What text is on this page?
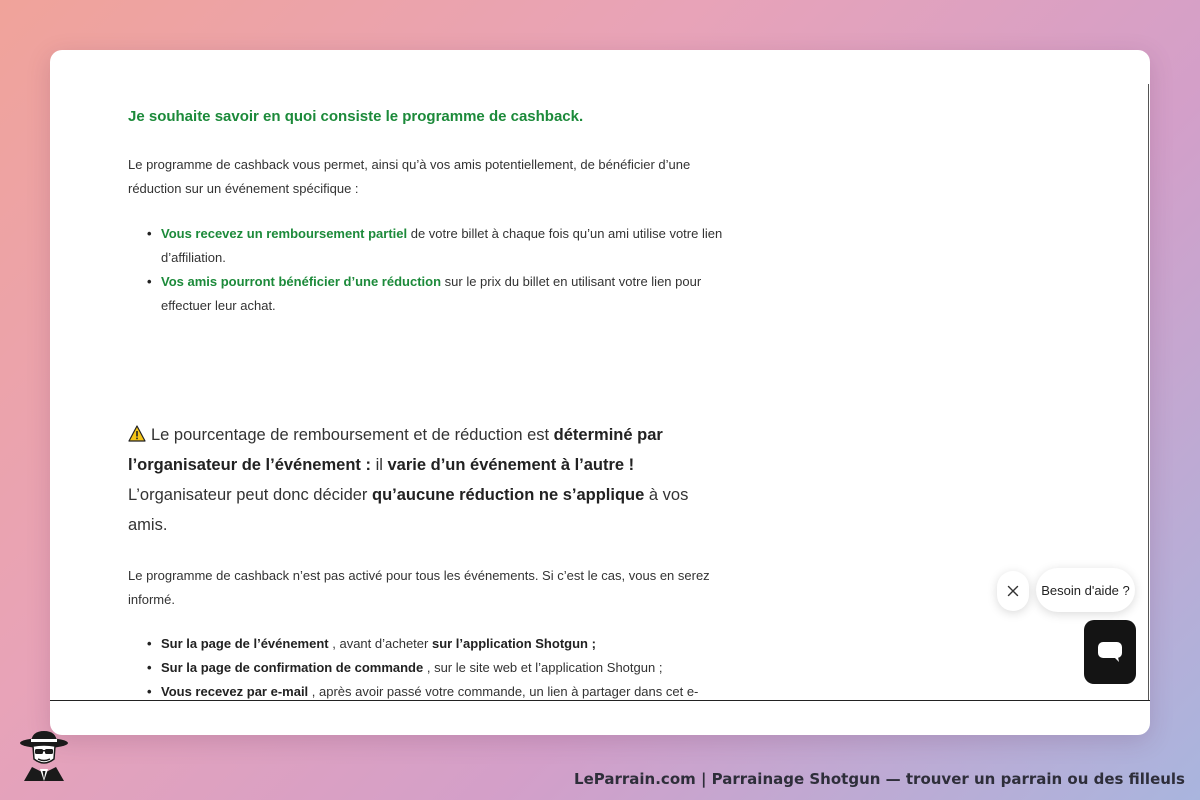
Je souhaite savoir en quoi consiste le programme de cashback.
Le programme de cashback vous permet, ainsi qu’à vos amis potentiellement, de bénéficier d’une réduction sur un événement spécifique :
• Vous recevez un remboursement partiel de votre billet à chaque fois qu’un ami utilise votre lien d’affiliation.
• Vos amis pourront bénéficier d’une réduction sur le prix du billet en utilisant votre lien pour effectuer leur achat.
Le pourcentage de remboursement et de réduction est déterminé par l’organisateur de l’événement : il varie d’un événement à l’autre ! L’organisateur peut donc décider qu’aucune réduction ne s’applique à vos amis.
Le programme de cashback n’est pas activé pour tous les événements. Si c’est le cas, vous en serez informé.
• Sur la page de l’événement , avant d’acheter sur l’application Shotgun ;
• Sur la page de confirmation de commande , sur le site web et l’application Shotgun ;
• Vous recevez par e-mail , après avoir passé votre commande, un lien à partager dans cet e-
Besoin d'aide ?
LeParrain.com | Parrainage Shotgun — trouver un parrain ou des filleuls
